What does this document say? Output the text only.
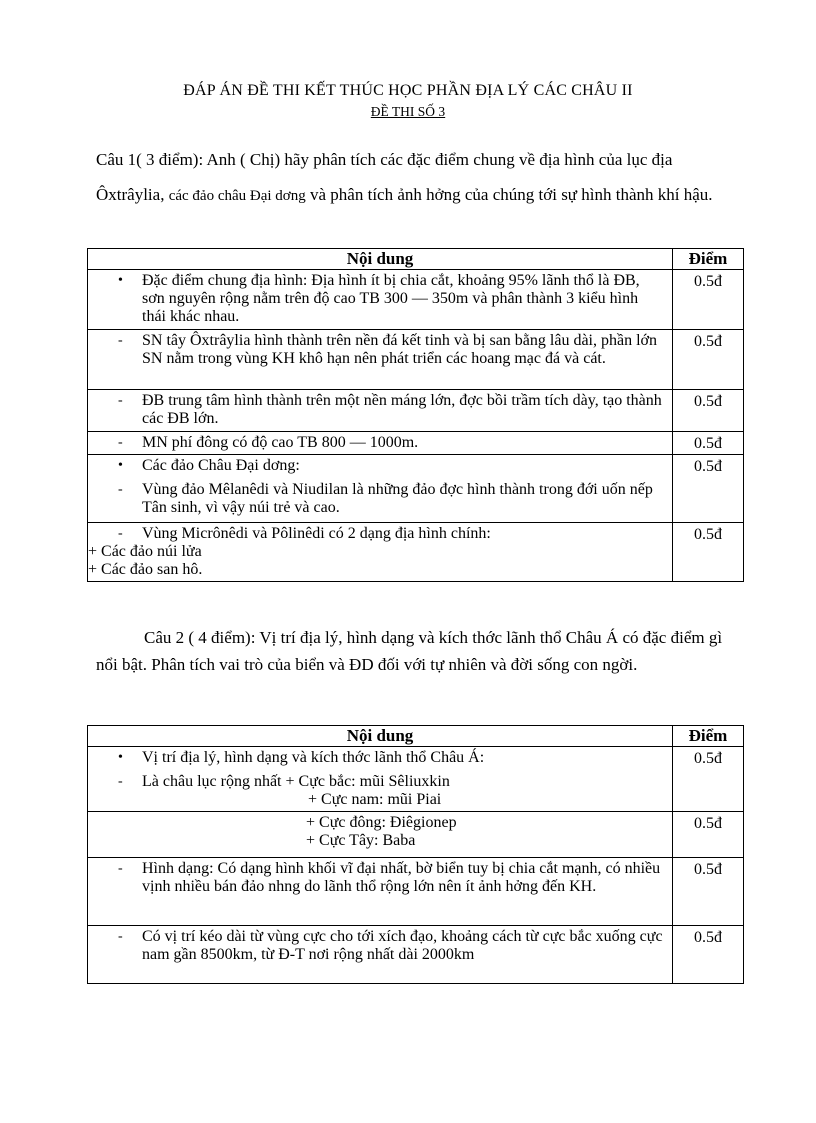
ĐÁP ÁN ĐỀ THI KẾT THÚC HỌC PHẦN ĐỊA LÝ CÁC CHÂU II
ĐỀ THI SỐ 3
Câu 1( 3 điểm): Anh ( Chị) hãy phân tích các đặc điểm chung về địa hình của lục địa Ôxtrâylia, các đảo châu Đại dơng và phân tích ảnh hởng của chúng tới sự hình thành khí hậu.
Nội dung	Điểm

• Đặc điểm chung địa hình: Địa hình ít bị chia cắt, khoảng 95% lãnh thổ là ĐB, sơn nguyên rộng nằm trên độ cao TB 300 — 350m và phân thành 3 kiểu hình thái khác nhau.	0.5đ

- SN tây Ôxtrâylia hình thành trên nền đá kết tinh và bị san bằng lâu dài, phần lớn SN nằm trong vùng KH khô hạn nên phát triển các hoang mạc đá và cát.	0.5đ

- ĐB trung tâm hình thành trên một nền máng lớn, đợc bồi trầm tích dày, tạo thành các ĐB lớn.	0.5đ

- MN phí đông có độ cao TB 800 — 1000m.	0.5đ

• Các đảo Châu Đại dơng:
- Vùng đảo Mêlanêdi và Niudilan là những đảo đợc hình thành trong đới uốn nếp Tân sinh, vì vậy núi trẻ và cao.	0.5đ

- Vùng Micrônêdi và Pôlinêdi có 2 dạng địa hình chính:
+ Các đảo núi lửa
+ Các đảo san hô.	0.5đ
Câu 2 ( 4 điểm): Vị trí địa lý, hình dạng và kích thớc lãnh thổ Châu Á có đặc điểm gì nổi bật. Phân tích vai trò của biển và ĐD đối với tự nhiên và đời sống con ngời.
Nội dung	Điểm

• Vị trí địa lý, hình dạng và kích thớc lãnh thổ Châu Á:
- Là châu lục rộng nhất + Cực bắc: mũi Sêliuxkin
+ Cực nam: mũi Piai	0.5đ

+ Cực đông: Điêgionep
+ Cực Tây: Baba	0.5đ

- Hình dạng: Có dạng hình khối vĩ đại nhất, bờ biển tuy bị chia cắt mạnh, có nhiều vịnh nhiều bán đảo nhng do lãnh thổ rộng lớn nên ít ảnh hởng đến KH.	0.5đ

- Có vị trí kéo dài từ vùng cực cho tới xích đạo, khoảng cách từ cực bắc xuống cực nam gần 8500km, từ Đ-T nơi rộng nhất dài 2000km	0.5đ
